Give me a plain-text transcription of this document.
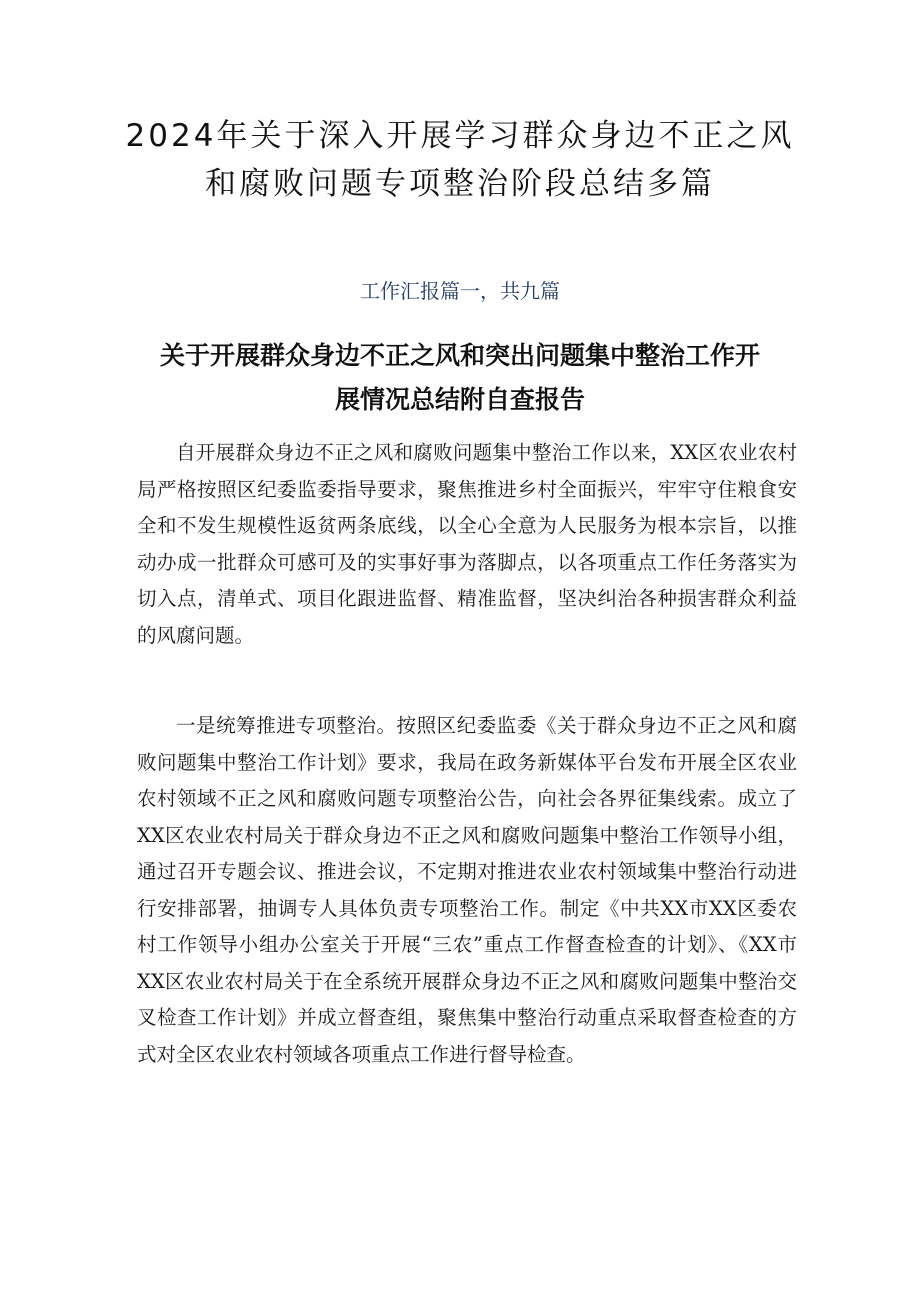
2024年关于深入开展学习群众身边不正之风和腐败问题专项整治阶段总结多篇
工作汇报篇一，共九篇
关于开展群众身边不正之风和突出问题集中整治工作开展情况总结附自查报告

自开展群众身边不正之风和腐败问题集中整治工作以来，XX区农业农村局严格按照区纪委监委指导要求，聚焦推进乡村全面振兴，牢牢守住粮食安全和不发生规模性返贫两条底线，以全心全意为人民服务为根本宗旨，以推动办成一批群众可感可及的实事好事为落脚点，以各项重点工作任务落实为切入点，清单式、项目化跟进监督、精准监督，坚决纠治各种损害群众利益的风腐问题。

一是统筹推进专项整治。按照区纪委监委《关于群众身边不正之风和腐败问题集中整治工作计划》要求，我局在政务新媒体平台发布开展全区农业农村领域不正之风和腐败问题专项整治公告，向社会各界征集线索。成立了XX区农业农村局关于群众身边不正之风和腐败问题集中整治工作领导小组，通过召开专题会议、推进会议，不定期对推进农业农村领域集中整治行动进行安排部署，抽调专人具体负责专项整治工作。制定《中共XX市XX区委农村工作领导小组办公室关于开展“三农”重点工作督查检查的计划》、《XX市XX区农业农村局关于在全系统开展群众身边不正之风和腐败问题集中整治交叉检查工作计划》并成立督查组，聚焦集中整治行动重点采取督查检查的方式对全区农业农村领域各项重点工作进行督导检查。
